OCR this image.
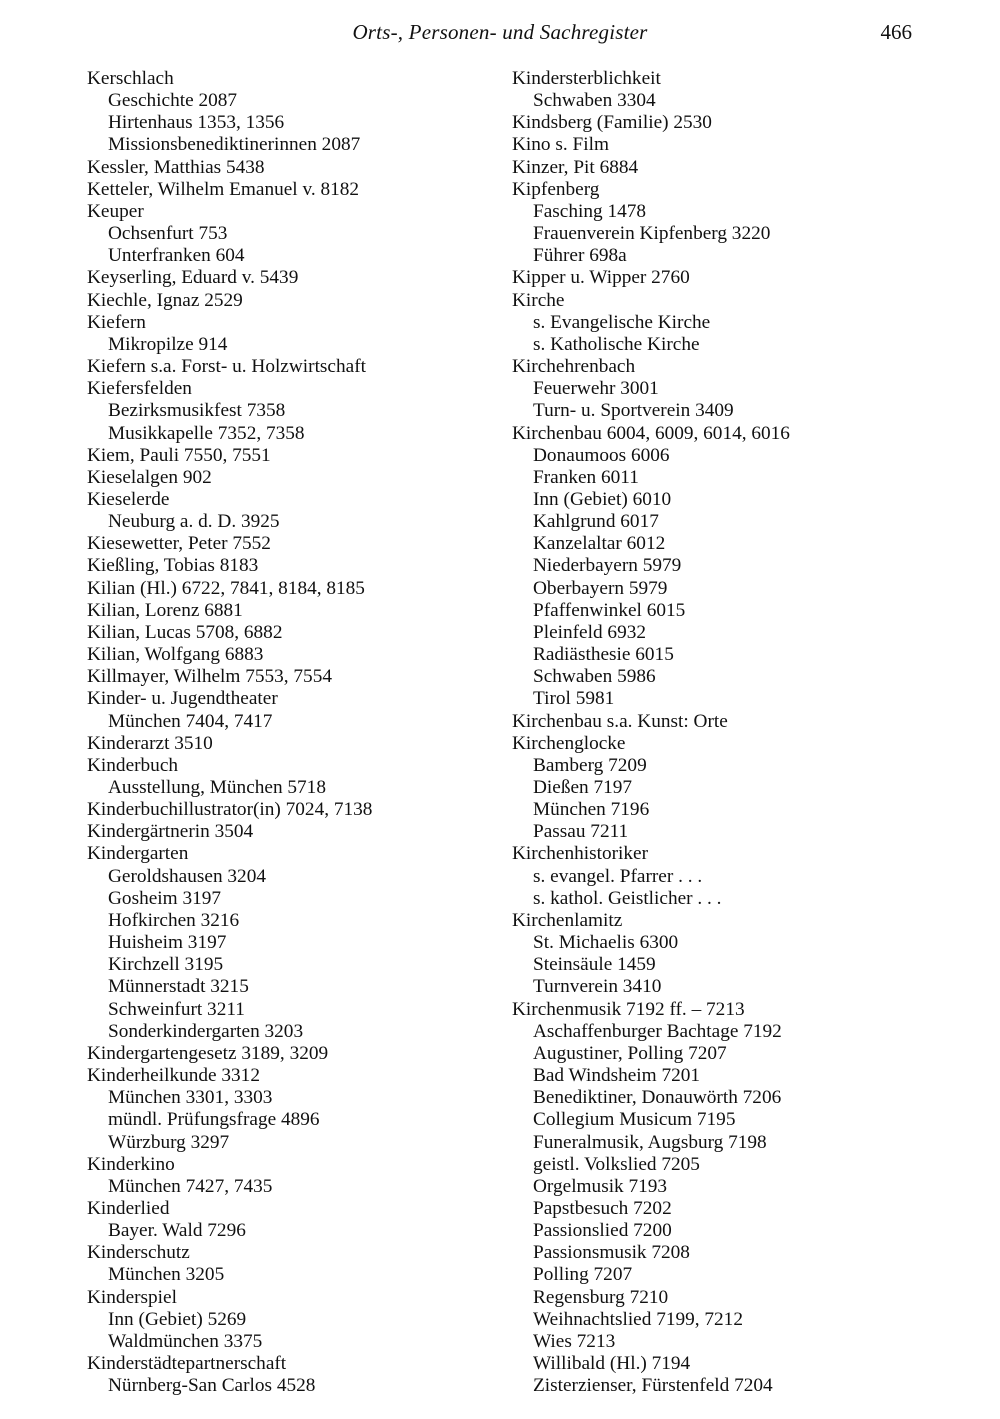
Orts-, Personen- und Sachregister	466
Kerschlach
Geschichte 2087
Hirtenhaus 1353, 1356
Missionsbenediktinerinnen 2087
Kessler, Matthias 5438
Ketteler, Wilhelm Emanuel v. 8182
Keuper
Ochsenfurt 753
Unterfranken 604
Keyserling, Eduard v. 5439
Kiechle, Ignaz 2529
Kiefern
Mikropilze 914
Kiefern s.a. Forst- u. Holzwirtschaft
Kiefersfelden
Bezirksmusikfest 7358
Musikkapelle 7352, 7358
Kiem, Pauli 7550, 7551
Kieselalgen 902
Kieselerde
Neuburg a. d. D. 3925
Kiesewetter, Peter 7552
Kießling, Tobias 8183
Kilian (Hl.) 6722, 7841, 8184, 8185
Kilian, Lorenz 6881
Kilian, Lucas 5708, 6882
Kilian, Wolfgang 6883
Killmayer, Wilhelm 7553, 7554
Kinder- u. Jugendtheater
München 7404, 7417
Kinderarzt 3510
Kinderbuch
Ausstellung, München 5718
Kinderbuchillustrator(in) 7024, 7138
Kindergärtnerin 3504
Kindergarten
Geroldshausen 3204
Gosheim 3197
Hofkirchen 3216
Huisheim 3197
Kirchzell 3195
Münnerstadt 3215
Schweinfurt 3211
Sonderkindergarten 3203
Kindergartengesetz 3189, 3209
Kinderheilkunde 3312
München 3301, 3303
mündl. Prüfungsfrage 4896
Würzburg 3297
Kinderkino
München 7427, 7435
Kinderlied
Bayer. Wald 7296
Kinderschutz
München 3205
Kinderspiel
Inn (Gebiet) 5269
Waldmünchen 3375
Kinderstädtepartnerschaft
Nürnberg-San Carlos 4528
Kindersterblichkeit
Schwaben 3304
Kindsberg (Familie) 2530
Kino s. Film
Kinzer, Pit 6884
Kipfenberg
Fasching 1478
Frauenverein Kipfenberg 3220
Führer 698a
Kipper u. Wipper 2760
Kirche
s. Evangelische Kirche
s. Katholische Kirche
Kirchehrenbach
Feuerwehr 3001
Turn- u. Sportverein 3409
Kirchenbau 6004, 6009, 6014, 6016
Donaumoos 6006
Franken 6011
Inn (Gebiet) 6010
Kahlgrund 6017
Kanzelaltar 6012
Niederbayern 5979
Oberbayern 5979
Pfaffenwinkel 6015
Pleinfeld 6932
Radiästhesie 6015
Schwaben 5986
Tirol 5981
Kirchenbau s.a. Kunst: Orte
Kirchenglocke
Bamberg 7209
Dießen 7197
München 7196
Passau 7211
Kirchenhistoriker
s. evangel. Pfarrer . . .
s. kathol. Geistlicher . . .
Kirchenlamitz
St. Michaelis 6300
Steinsäule 1459
Turnverein 3410
Kirchenmusik 7192 ff. – 7213
Aschaffenburger Bachtage 7192
Augustiner, Polling 7207
Bad Windsheim 7201
Benediktiner, Donauwörth 7206
Collegium Musicum 7195
Funeralmusik, Augsburg 7198
geistl. Volkslied 7205
Orgelmusik 7193
Papstbesuch 7202
Passionslied 7200
Passionsmusik 7208
Polling 7207
Regensburg 7210
Weihnachtslied 7199, 7212
Wies 7213
Willibald (Hl.) 7194
Zisterzienser, Fürstenfeld 7204
